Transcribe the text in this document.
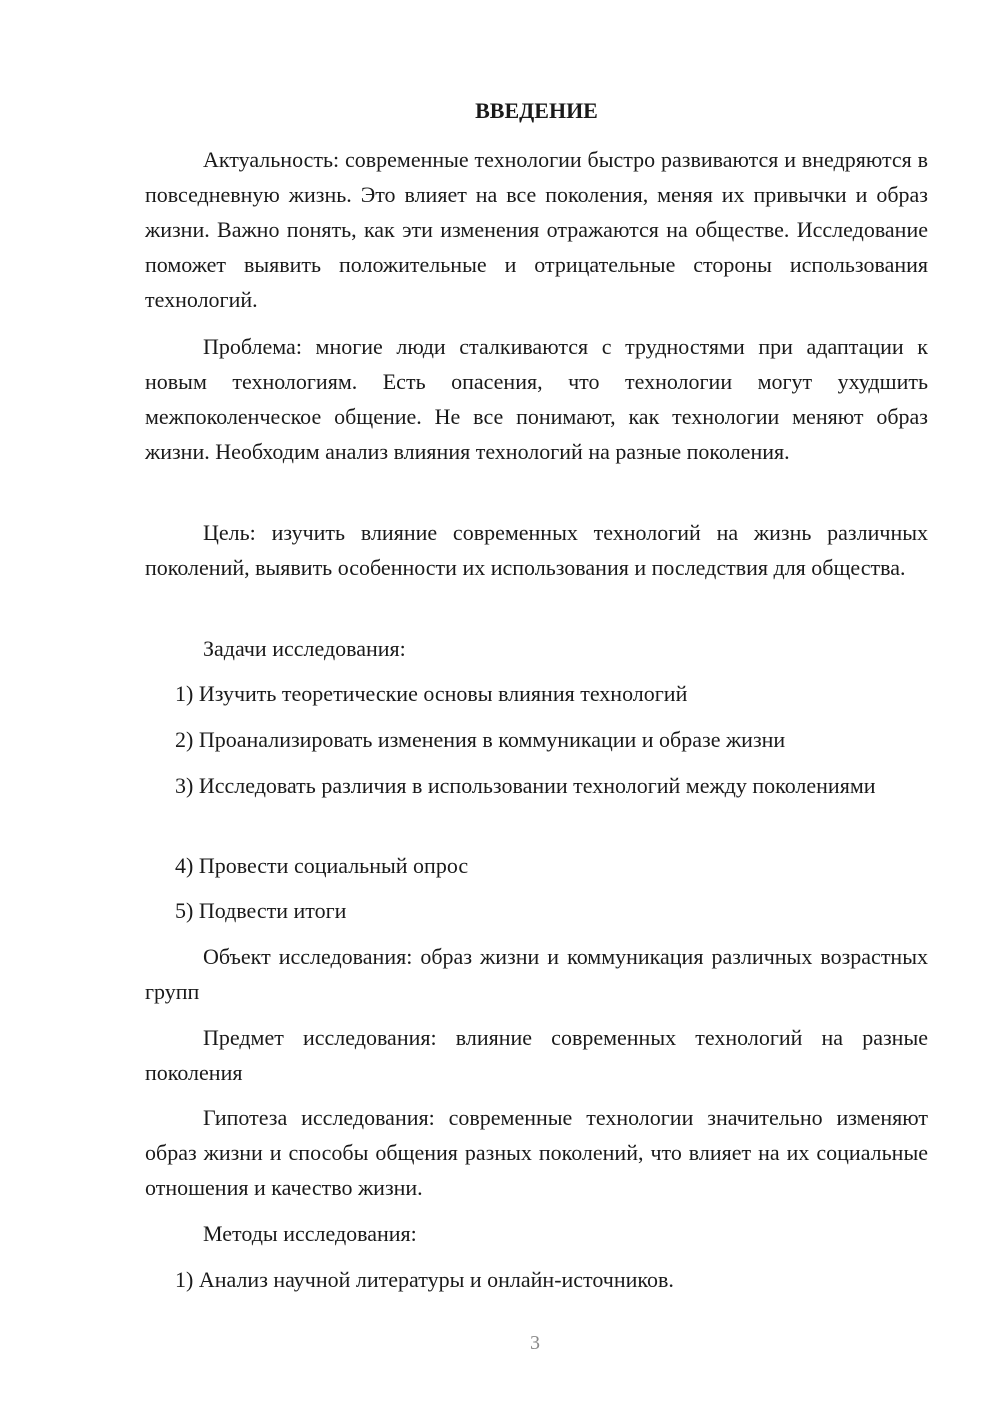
ВВЕДЕНИЕ

Актуальность: современные технологии быстро развиваются и внедряются в повседневную жизнь. Это влияет на все поколения, меняя их привычки и образ жизни. Важно понять, как эти изменения отражаются на обществе. Исследование поможет выявить положительные и отрицательные стороны использования технологий.

Проблема: многие люди сталкиваются с трудностями при адаптации к новым технологиям. Есть опасения, что технологии могут ухудшить межпоколенческое общение. Не все понимают, как технологии меняют образ жизни. Необходим анализ влияния технологий на разные поколения.

Цель: изучить влияние современных технологий на жизнь различных поколений, выявить особенности их использования и последствия для общества.

Задачи исследования:

1) Изучить теоретические основы влияния технологий

2) Проанализировать изменения в коммуникации и образе жизни

3) Исследовать различия в использовании технологий между поколениями

4) Провести социальный опрос

5) Подвести итоги

Объект исследования: образ жизни и коммуникация различных возрастных групп

Предмет исследования: влияние современных технологий на разные поколения

Гипотеза исследования: современные технологии значительно изменяют образ жизни и способы общения разных поколений, что влияет на их социальные отношения и качество жизни.

Методы исследования:

1) Анализ научной литературы и онлайн-источников.

3
